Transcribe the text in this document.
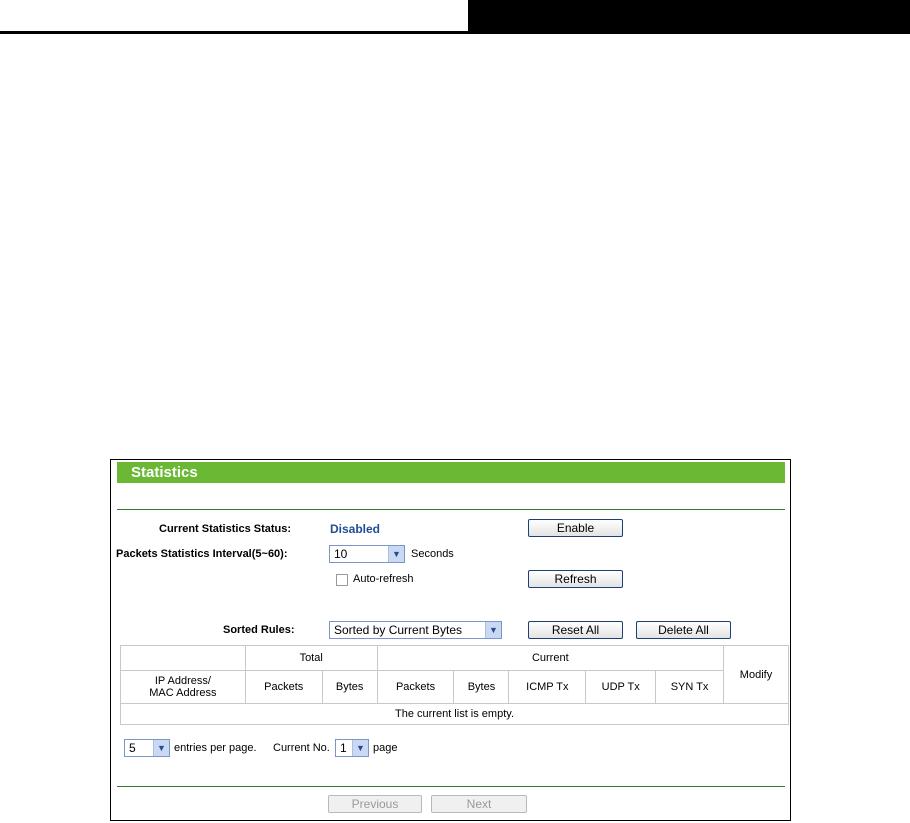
Statistics
Current Statistics Status:	Disabled	Enable
Packets Statistics Interval(5~60):	10	▼ Seconds
Auto-refresh	Refresh
Sorted Rules:	Sorted by Current Bytes	▼	Reset All	Delete All
	Total		Current					Modify

IP Address/
MAC Address	Packets	Bytes	Packets	Bytes	ICMP Tx	UDP Tx	SYN Tx	
The current list is empty.								
5	▼ entries per page. Current No. 1	▼ page
Previous	Next
